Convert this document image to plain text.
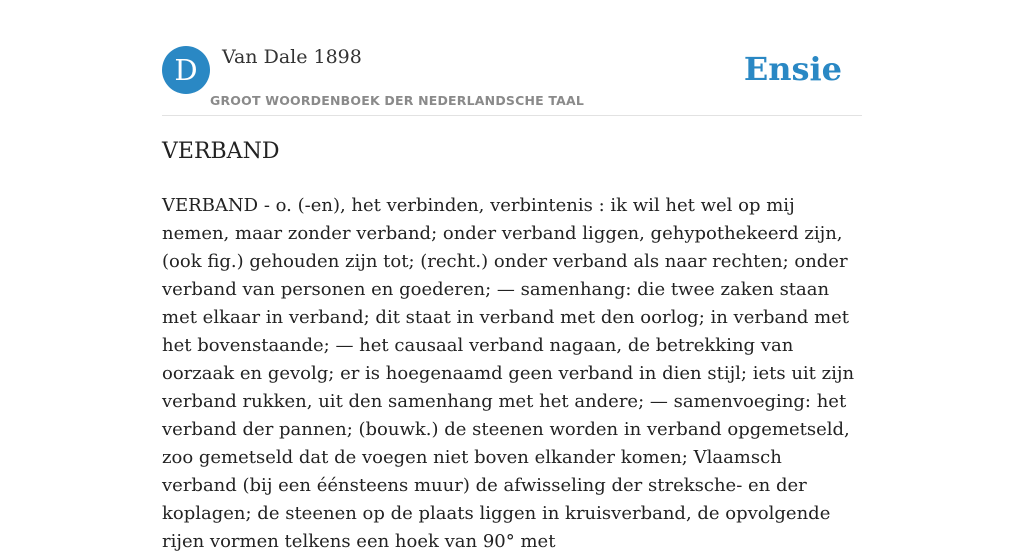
D	Van Dale 1898
GROOT WOORDENBOEK DER NEDERLANDSCHE TAAL
Ensie
VERBAND

VERBAND - o. (-en), het verbinden, verbintenis : ik wil het wel op mij nemen, maar zonder verband; onder verband liggen, gehypothekeerd zijn, (ook fig.) gehouden zijn tot; (recht.) onder verband als naar rechten; onder verband van personen en goederen; — samenhang: die twee zaken staan met elkaar in verband; dit staat in verband met den oorlog; in verband met het bovenstaande; — het causaal verband nagaan, de betrekking van oorzaak en gevolg; er is hoegenaamd geen verband in dien stijl; iets uit zijn verband rukken, uit den samenhang met het andere; — samenvoeging: het verband der pannen; (bouwk.) de steenen worden in verband opgemetseld, zoo gemetseld dat de voegen niet boven elkander komen; Vlaamsch verband (bij een éénsteens muur) de afwisseling der streksche- en der koplagen; de steenen op de plaats liggen in kruisverband, de opvolgende rijen vormen telkens een hoek van 90° met
